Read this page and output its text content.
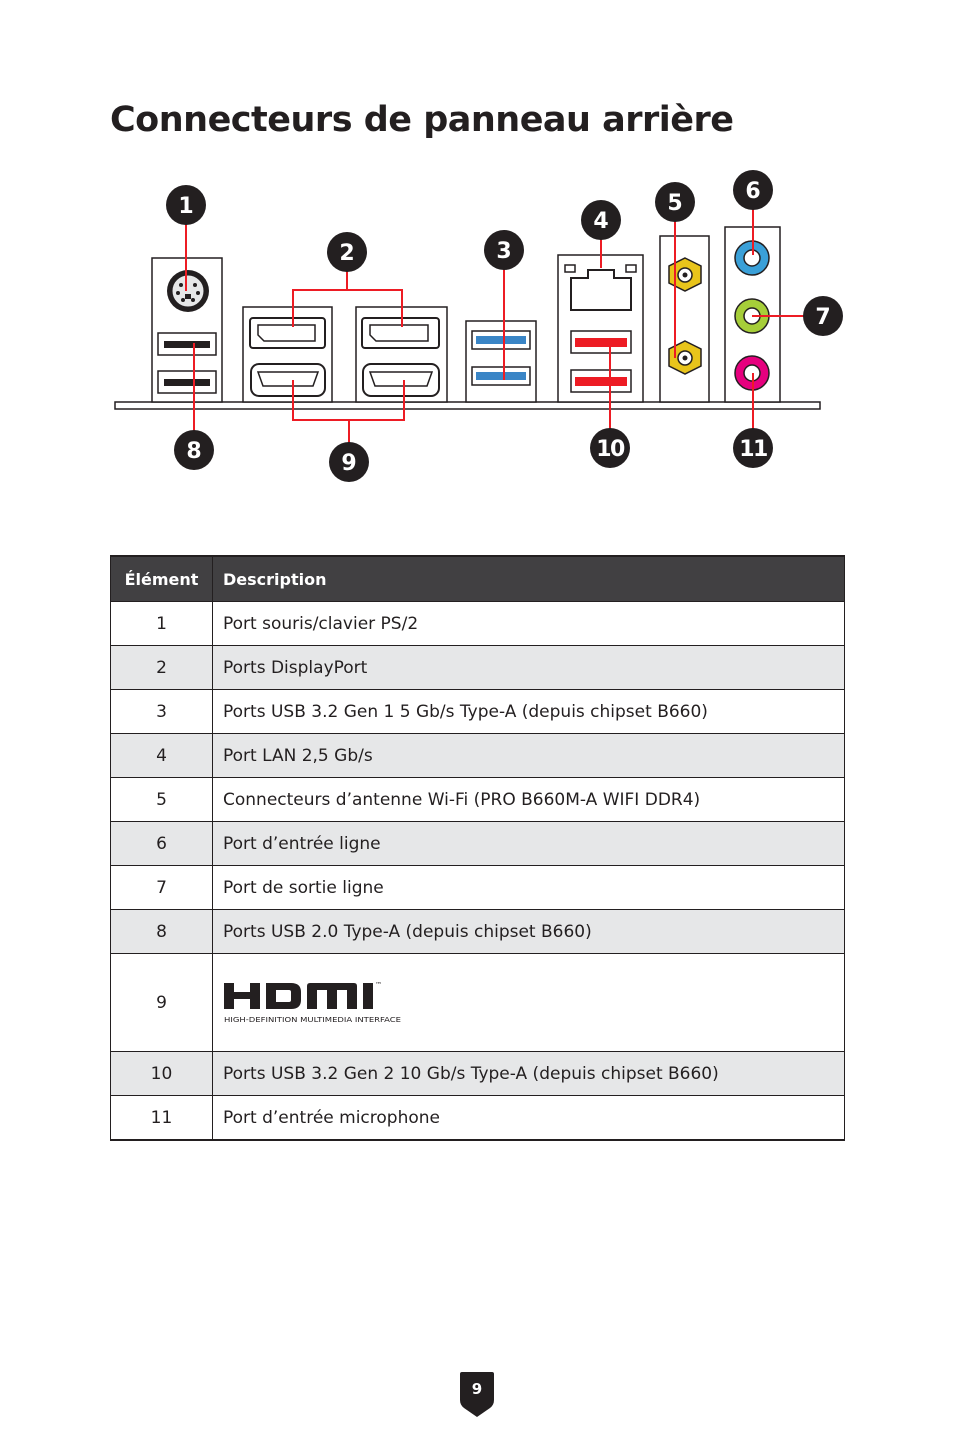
Connecteurs de panneau arrière
1
2	3
4
5	6
7
8	9
10	11
Élément	Description
1	Port souris/clavier PS/2
2	Ports DisplayPort
3	Ports USB 3.2 Gen 1 5 Gb/s Type-A (depuis chipset B660)
4	Port LAN 2,5 Gb/s
5	Connecteurs d’antenne Wi-Fi (PRO B660M-A WIFI DDR4)
6	Port d’entrée ligne
7	Port de sortie ligne
8	Ports USB 2.0 Type-A (depuis chipset B660)
9	™
HIGH-DEFINITION MULTIMEDIA INTERFACE

10	Ports USB 3.2 Gen 2 10 Gb/s Type-A (depuis chipset B660)
11	Port d’entrée microphone
9
